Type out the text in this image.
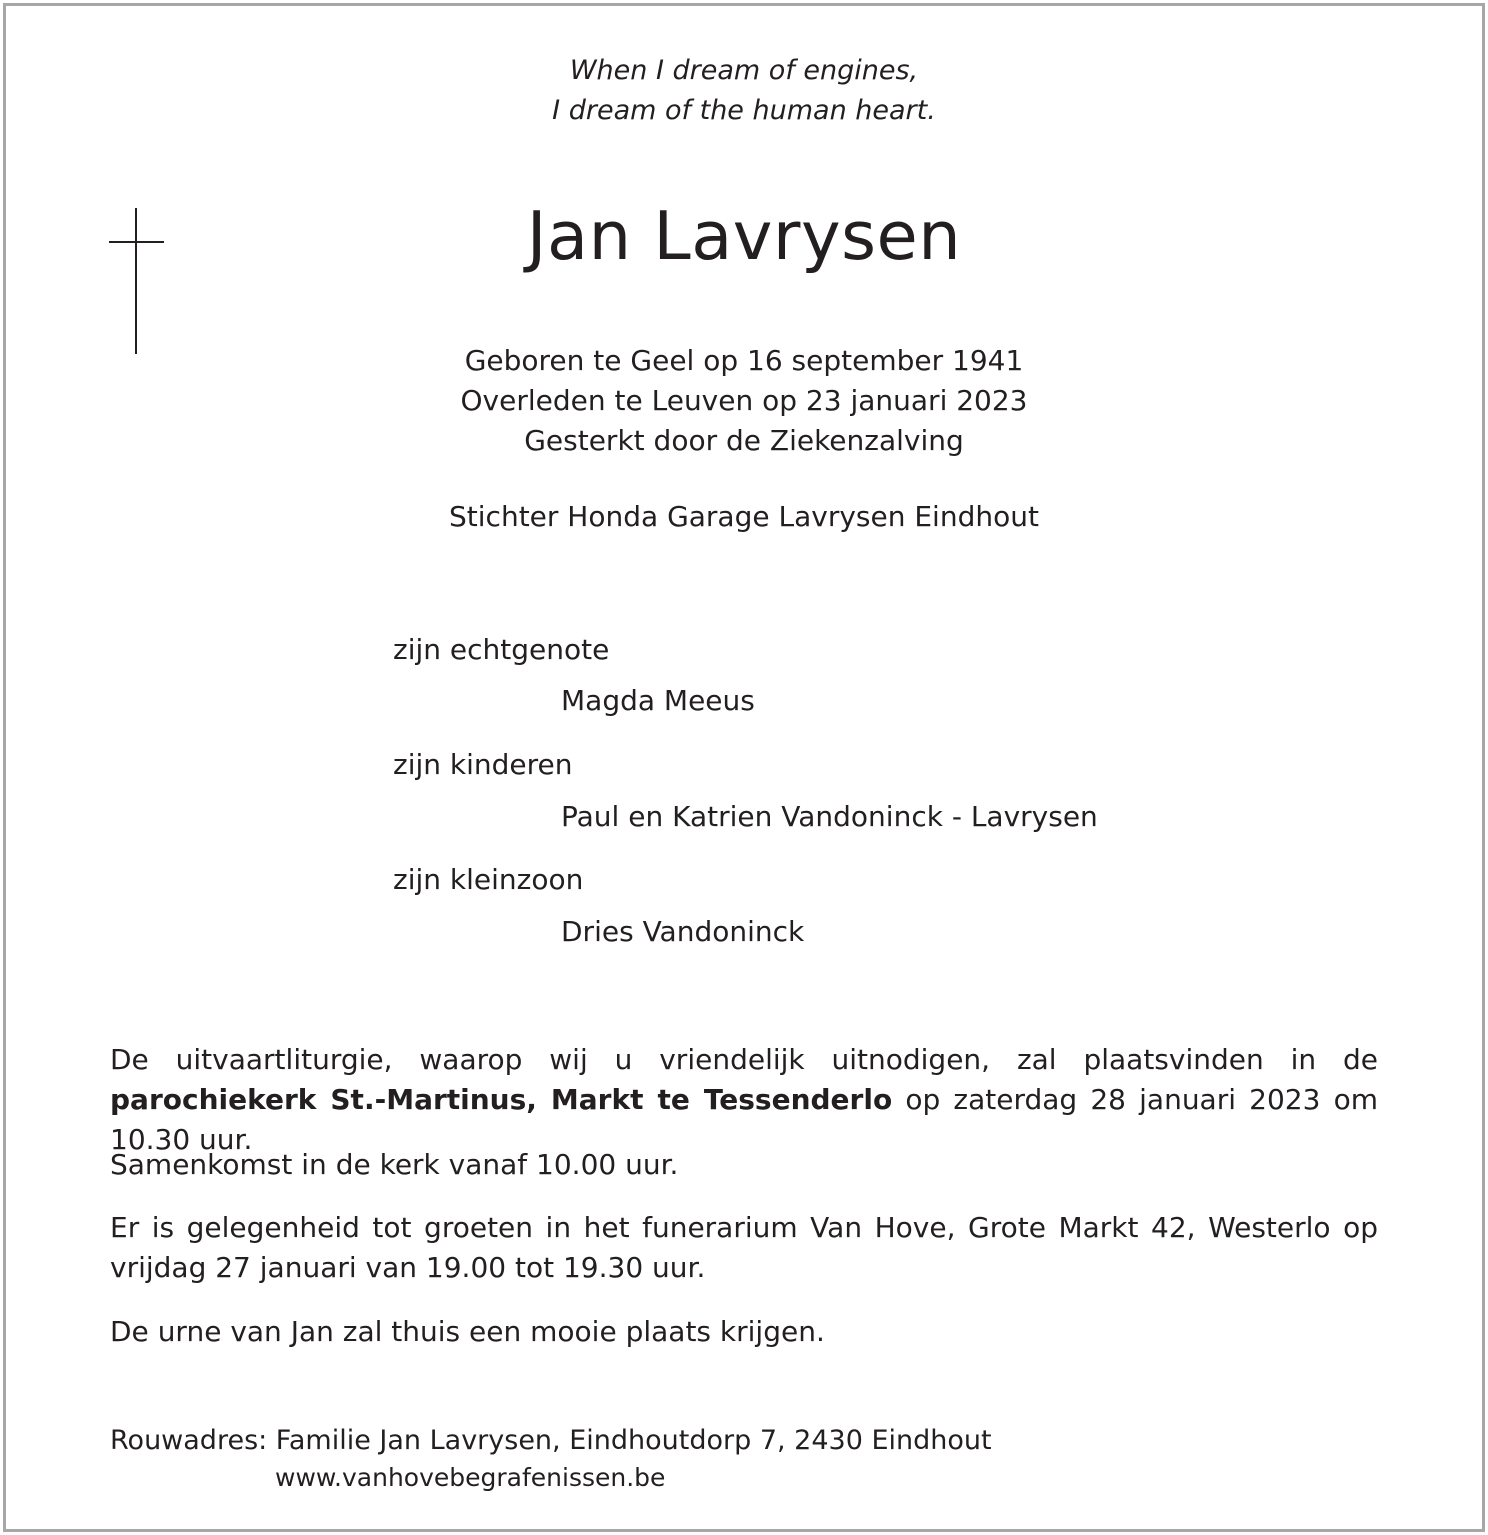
When I dream of engines,
I dream of the human heart.
Jan Lavrysen
Geboren te Geel op 16 september 1941
Overleden te Leuven op 23 januari 2023
Gesterkt door de Ziekenzalving
Stichter Honda Garage Lavrysen Eindhout
zijn echtgenote
Magda Meeus
zijn kinderen
Paul en Katrien Vandoninck - Lavrysen
zijn kleinzoon
Dries Vandoninck
De uitvaartliturgie, waarop wij u vriendelijk uitnodigen, zal plaatsvinden in de parochiekerk St.-Martinus, Markt te Tessenderlo op zaterdag 28 januari 2023 om 10.30 uur.
Samenkomst in de kerk vanaf 10.00 uur.
Er is gelegenheid tot groeten in het funerarium Van Hove, Grote Markt 42, Westerlo op vrijdag 27 januari van 19.00 tot 19.30 uur.
De urne van Jan zal thuis een mooie plaats krijgen.
Rouwadres: Familie Jan Lavrysen, Eindhoutdorp 7, 2430 Eindhout
www.vanhovebegrafenissen.be
